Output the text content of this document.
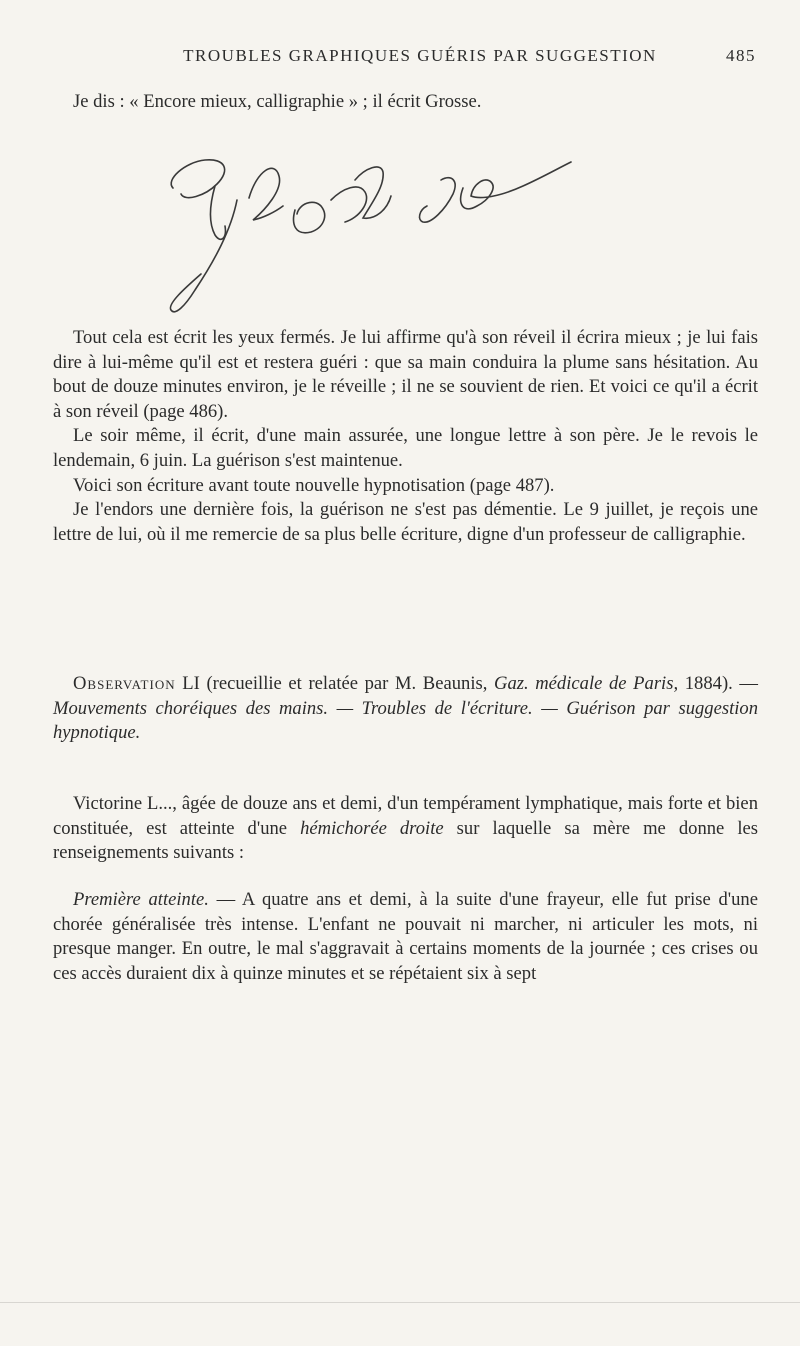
TROUBLES GRAPHIQUES GUÉRIS PAR SUGGESTION	485

Je dis : « Encore mieux, calligraphie » ; il écrit Grosse.

Tout cela est écrit les yeux fermés. Je lui affirme qu'à son réveil il écrira mieux ; je lui fais dire à lui-même qu'il est et restera guéri : que sa main conduira la plume sans hésitation. Au bout de douze minutes environ, je le réveille ; il ne se souvient de rien. Et voici ce qu'il a écrit à son réveil (page 486).

Le soir même, il écrit, d'une main assurée, une longue lettre à son père. Je le revois le lendemain, 6 juin. La guérison s'est maintenue.

Voici son écriture avant toute nouvelle hypnotisation (page 487).

Je l'endors une dernière fois, la guérison ne s'est pas démentie. Le 9 juillet, je reçois une lettre de lui, où il me remercie de sa plus belle écriture, digne d'un professeur de calligraphie.

Observation LI (recueillie et relatée par M. Beaunis, Gaz. médicale de Paris, 1884). — Mouvements choréiques des mains. — Troubles de l'écriture. — Guérison par suggestion hypnotique.

Victorine L..., âgée de douze ans et demi, d'un tempérament lymphatique, mais forte et bien constituée, est atteinte d'une hémichorée droite sur laquelle sa mère me donne les renseignements suivants :

Première atteinte. — A quatre ans et demi, à la suite d'une frayeur, elle fut prise d'une chorée généralisée très intense. L'enfant ne pouvait ni marcher, ni articuler les mots, ni presque manger. En outre, le mal s'aggravait à certains moments de la journée ; ces crises ou ces accès duraient dix à quinze minutes et se répétaient six à sept
